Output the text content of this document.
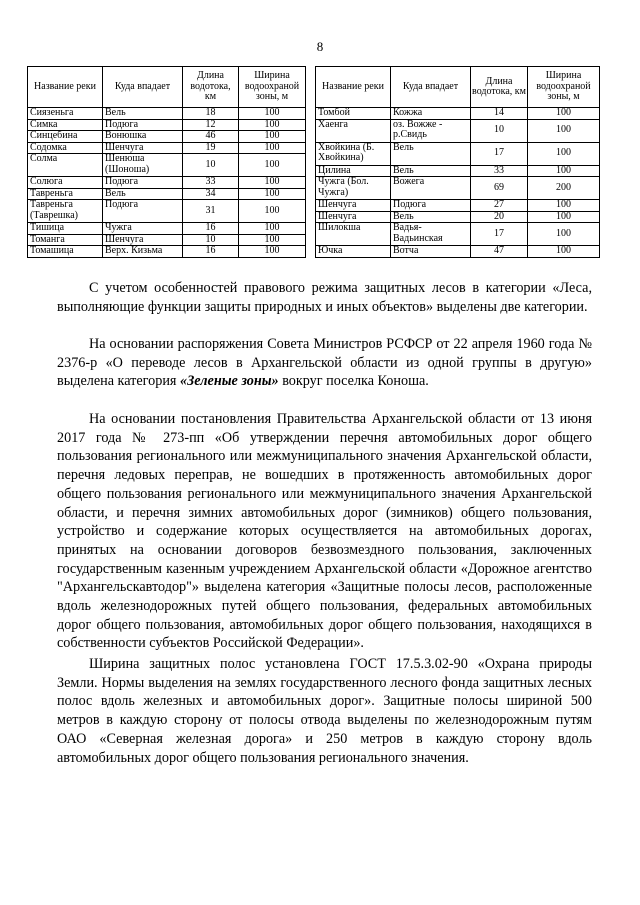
8
Название реки	Куда впадает	Длина водотока, км	Ширина водоохраной зоны, м
Сиязеньга	Вель	18	100
Симка	Подюга	12	100
Синцебина	Вонюшка	46	100
Содомка	Шенчуга	19	100
Солма	Шенюша (Шоноша)	10	100
Солюга	Подюга	33	100
Тавреньга	Вель	34	100
Тавреньга (Таврешка)	Подюга	31	100
Тишица	Чужга	16	100
Томанга	Шенчуга	10	100
Томашица	Верх. Кизьма	16	100
Название реки	Куда впадает	Длина водотока, км	Ширина водоохраной зоны, м
Томбой	Кожжа	14	100
Хаенга	оз. Вожже - р.Свидь	10	100
Хвойкина (Б. Хвойкина)	Вель	17	100
Цилина	Вель	33	100
Чужга (Бол. Чужга)	Вожега	69	200
Шенчуга	Подюга	27	100
Шенчуга	Вель	20	100
Шилокша	Вадья-Вадьинская	17	100
Ючка	Вотча	47	100

С учетом особенностей правового режима защитных лесов в категории «Леса, выполняющие функции защиты природных и иных объектов» выделены две категории.

На основании распоряжения Совета Министров РСФСР от 22 апреля 1960 года № 2376-р «О переводе лесов в Архангельской области из одной группы в другую» выделена категория «Зеленые зоны» вокруг поселка Коноша.

На основании постановления Правительства Архангельской области от 13 июня 2017 года № 273-пп «Об утверждении перечня автомобильных дорог общего пользования регионального или межмуниципального значения Архангельской области, перечня ледовых переправ, не вошедших в протяженность автомобильных дорог общего пользования регионального или межмуниципального значения Архангельской области, и перечня зимних автомобильных дорог (зимников) общего пользования, устройство и содержание которых осуществляется на автомобильных дорогах, принятых на основании договоров безвозмездного пользования, заключенных государственным казенным учреждением Архангельской области «Дорожное агентство "Архангельскавтодор"» выделена категория «Защитные полосы лесов, расположенные вдоль железнодорожных путей общего пользования, федеральных автомобильных дорог общего пользования, автомобильных дорог общего пользования, находящихся в собственности субъектов Российской Федерации».

Ширина защитных полос установлена ГОСТ 17.5.3.02-90 «Охрана природы Земли. Нормы выделения на землях государственного лесного фонда защитных лесных полос вдоль железных и автомобильных дорог». Защитные полосы шириной 500 метров в каждую сторону от полосы отвода выделены по железнодорожным путям ОАО «Северная железная дорога» и 250 метров в каждую сторону вдоль автомобильных дорог общего пользования регионального значения.
